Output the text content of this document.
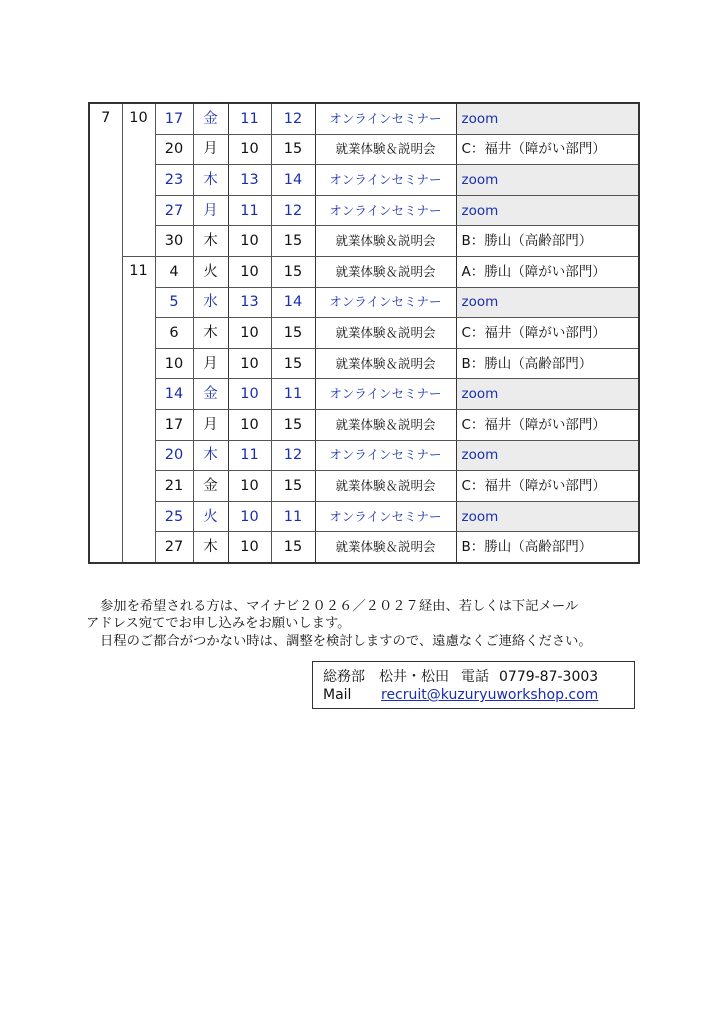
7	10	17	金	11	12	オンラインセミナー	zoom
		20	月	10	15	就業体験＆説明会	C：福井（障がい部門）
		23	木	13	14	オンラインセミナー	zoom
		27	月	11	12	オンラインセミナー	zoom
		30	木	10	15	就業体験＆説明会	B：勝山（高齢部門）
	11	4	火	10	15	就業体験＆説明会	A：勝山（障がい部門）
		5	水	13	14	オンラインセミナー	zoom
		6	木	10	15	就業体験＆説明会	C：福井（障がい部門）
		10	月	10	15	就業体験＆説明会	B：勝山（高齢部門）
		14	金	10	11	オンラインセミナー	zoom
		17	月	10	15	就業体験＆説明会	C：福井（障がい部門）
		20	木	11	12	オンラインセミナー	zoom
		21	金	10	15	就業体験＆説明会	C：福井（障がい部門）
		25	火	10	11	オンラインセミナー	zoom
		27	木	10	15	就業体験＆説明会	B：勝山（高齢部門）
参加を希望される方は、マイナビ２０２６／２０２７経由、若しくは下記メール
アドレス宛てでお申し込みをお願いします。
日程のご都合がつかない時は、調整を検討しますので、遠慮なくご連絡ください。
総務部 松井・松田 電話 0779-87-3003
Mail recruit@kuzuryuworkshop.com
